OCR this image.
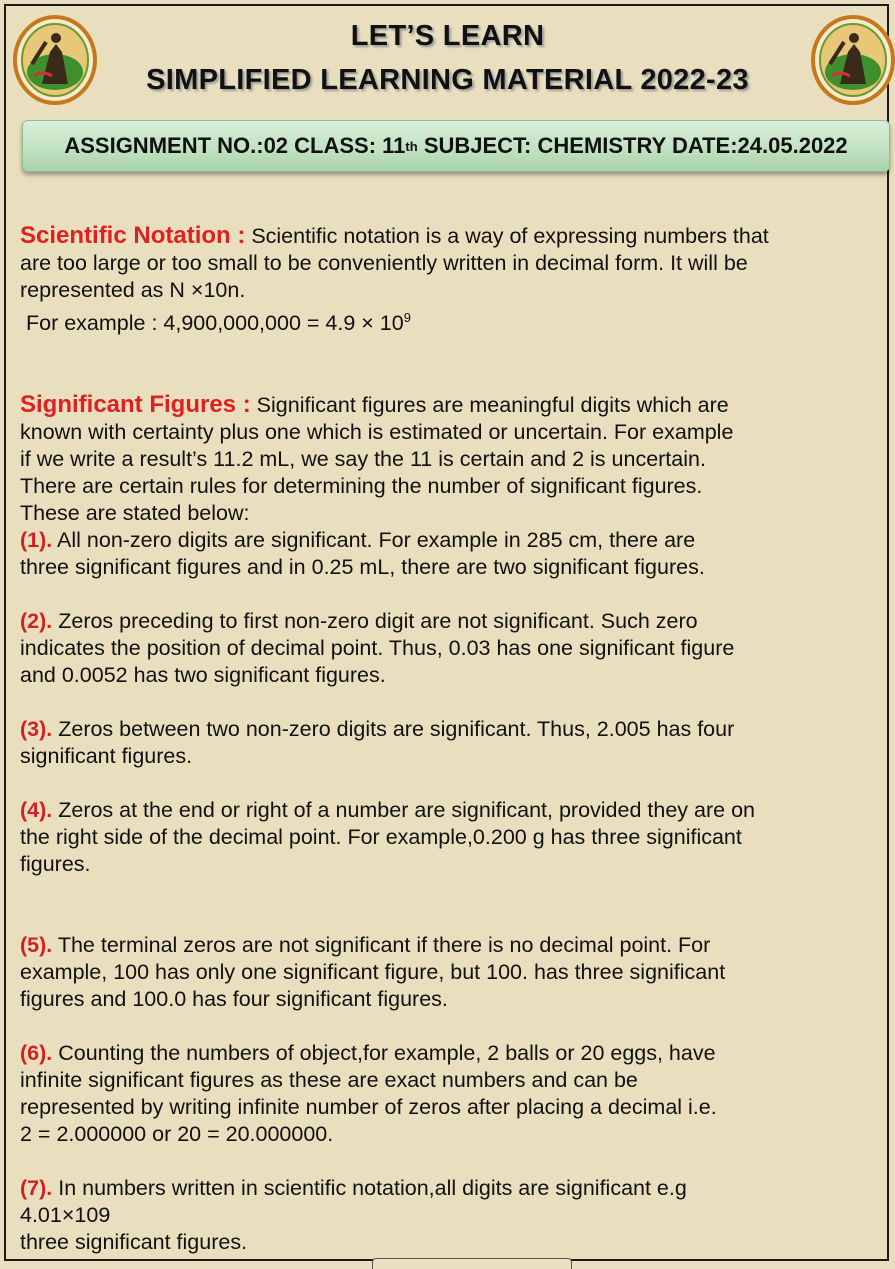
LET’S LEARN
SIMPLIFIED LEARNING MATERIAL 2022-23
ASSIGNMENT NO.:02 CLASS: 11 th SUBJECT: CHEMISTRY DATE:24.05.2022

Scientific Notation : Scientific notation is a way of expressing numbers that

are too large or too small to be conveniently written in decimal form. It will be

represented as N ×10n.

For example : $4,900,000,000 = 4.9 \times 10^9$

Significant Figures : Significant figures are meaningful digits which are

known with certainty plus one which is estimated or uncertain. For example

if we write a result’s 11.2 mL, we say the 11 is certain and 2 is uncertain.

There are certain rules for determining the number of significant figures.

These are stated below:

(1). All non-zero digits are significant. For example in 285 cm, there are

three significant figures and in 0.25 mL, there are two significant figures.

(2). Zeros preceding to first non-zero digit are not significant. Such zero

indicates the position of decimal point. Thus, 0.03 has one significant figure

and 0.0052 has two significant figures.

(3). Zeros between two non-zero digits are significant. Thus, 2.005 has four

significant figures.

(4). Zeros at the end or right of a number are significant, provided they are on

the right side of the decimal point. For example,0.200 g has three significant

figures.

(5). The terminal zeros are not significant if there is no decimal point. For

example, 100 has only one significant figure, but 100. has three significant

figures and 100.0 has four significant figures.

(6). Counting the numbers of object,for example, 2 balls or 20 eggs, have

infinite significant figures as these are exact numbers and can be

represented by writing infinite number of zeros after placing a decimal i.e.

2 = 2.000000 or 20 = 20.000000.

(7). In numbers written in scientific notation,all digits are significant e.g

4.01×109

three significant figures.
